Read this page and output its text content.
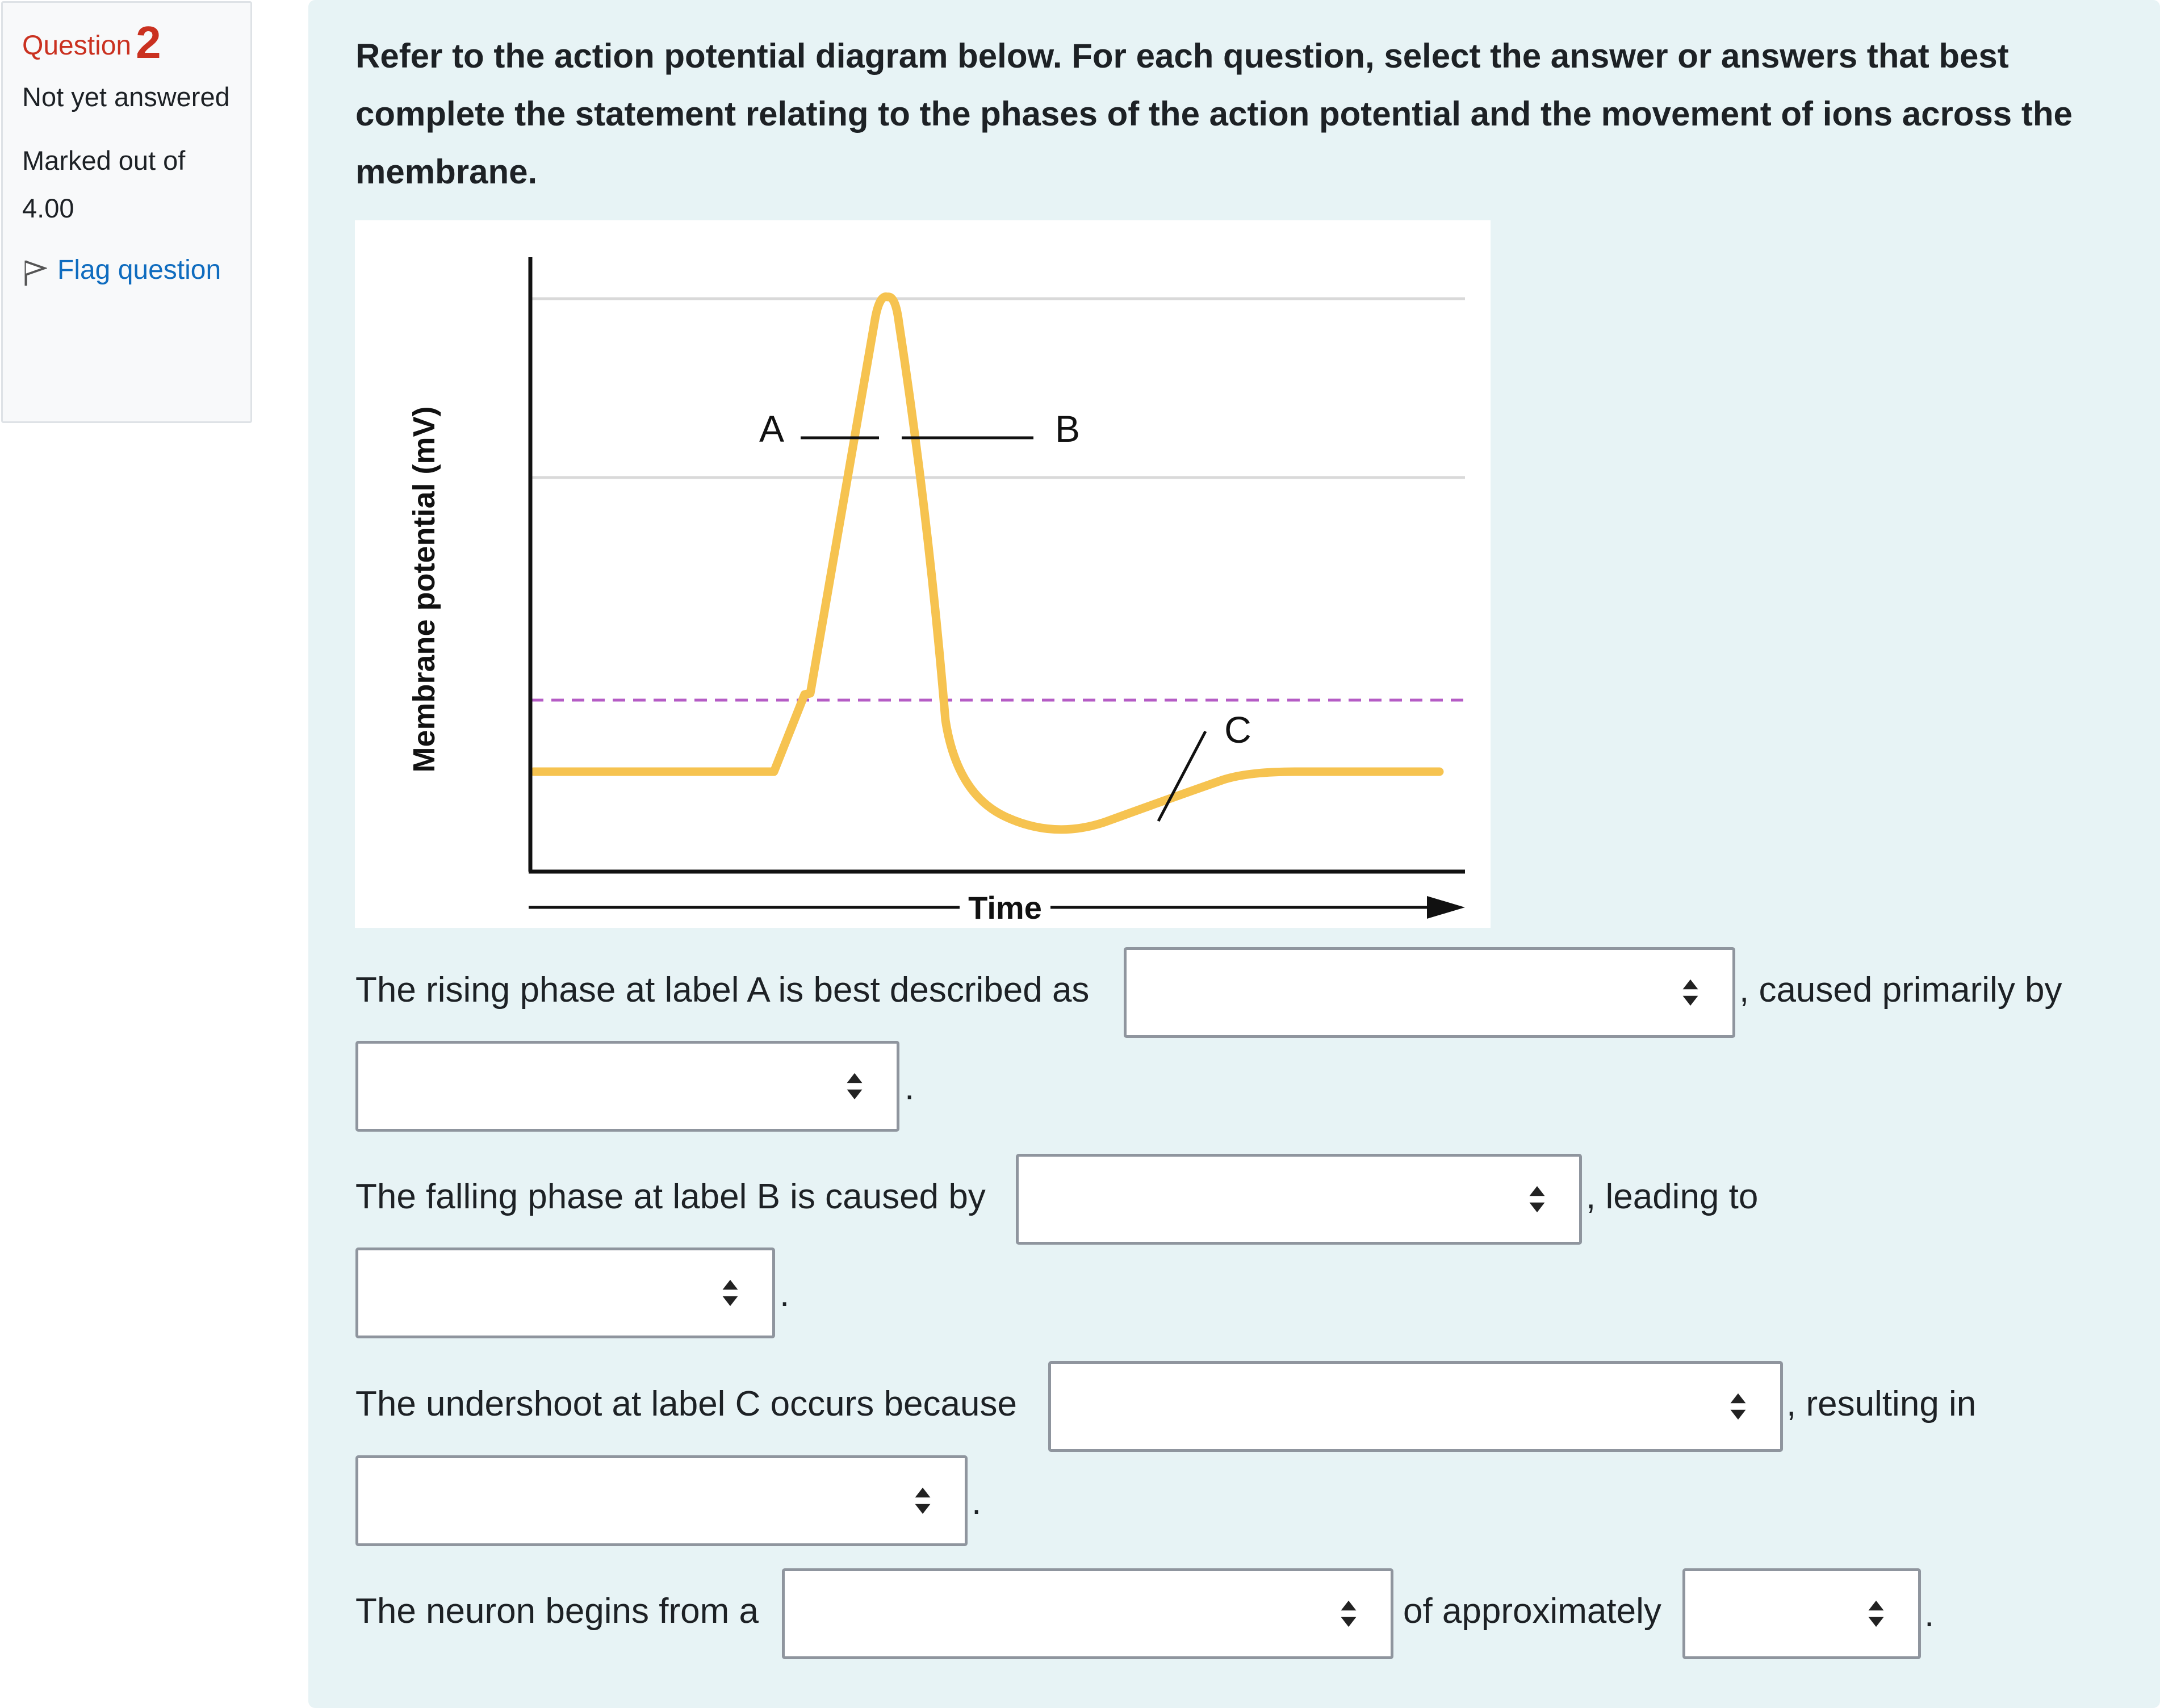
Question 2
Not yet answered
Marked out of 4.00
Flag question
Refer to the action potential diagram below. For each question, select the answer or answers that best complete the statement relating to the phases of the action potential and the movement of ions across the membrane.
Time
Membrane potential (mV)	A	B
C
The rising phase at label A is best described as	, caused primarily by
.
The falling phase at label B is caused by	, leading to
.
The undershoot at label C occurs because	, resulting in
.
The neuron begins from a	of approximately	.
